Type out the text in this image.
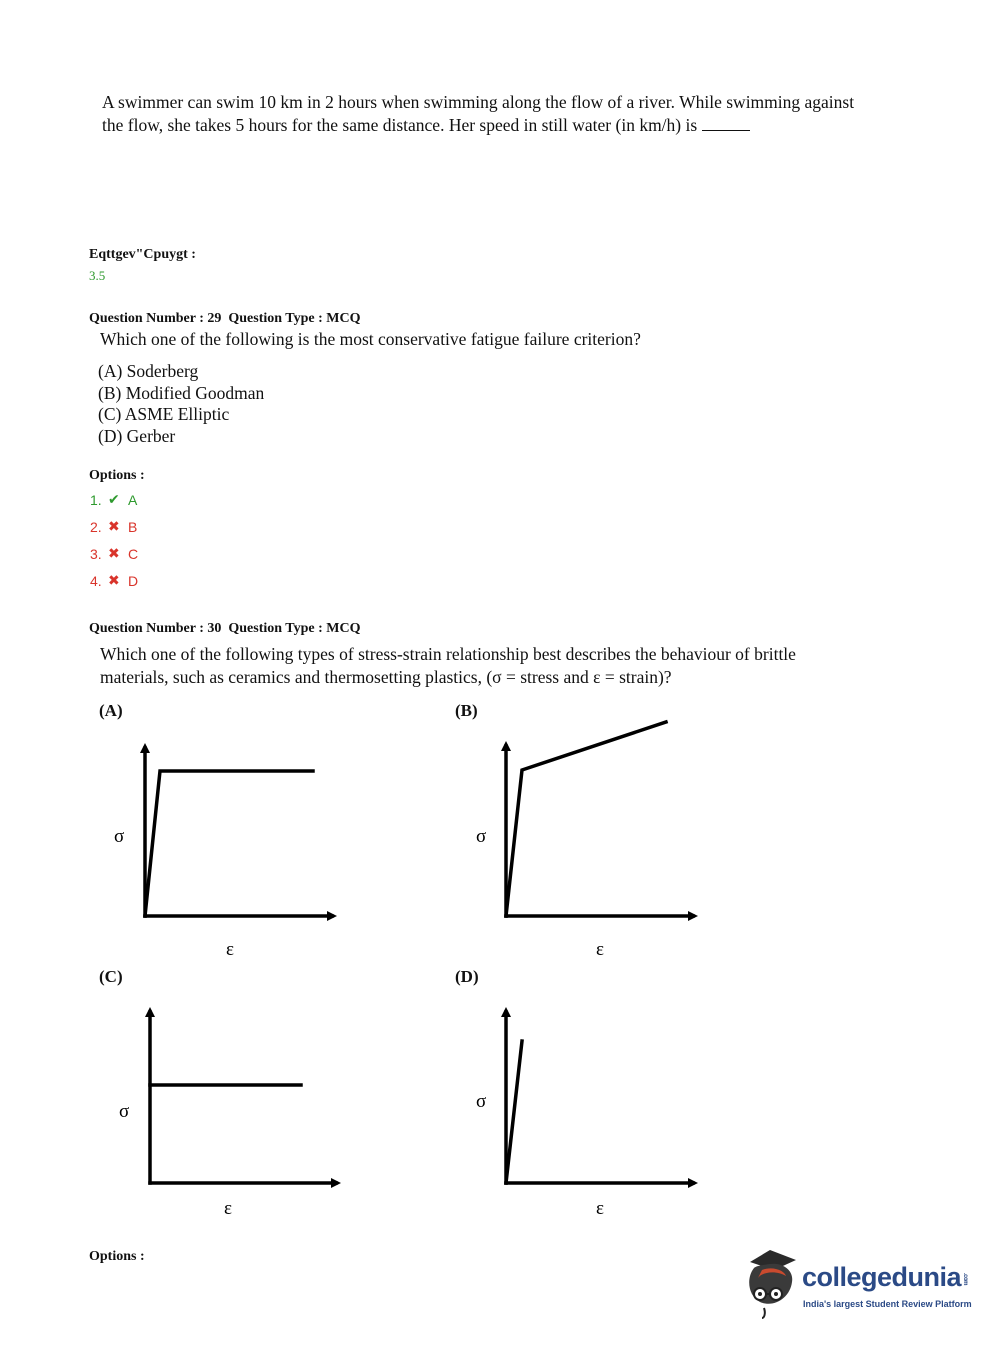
A swimmer can swim 10 km in 2 hours when swimming along the flow of a river. While swimming against the flow, she takes 5 hours for the same distance. Her speed in still water (in km/h) is
Eqttgev"Cpuygt :
3.5
Question Number : 29  Question Type : MCQ
Which one of the following is the most conservative fatigue failure criterion?
(A) Soderberg
(B) Modified Goodman
(C) ASME Elliptic
(D) Gerber
Options :
1. ✔ A
2. ✖ B
3. ✖ C
4. ✖ D
Question Number : 30  Question Type : MCQ
Which one of the following types of stress-strain relationship best describes the behaviour of brittle
materials, such as ceramics and thermosetting plastics, (σ = stress and ε = strain)?
(A)	(B)
(C)	(D)
σ
ε
σ
ε
σ
ε
σ
ε
Options :
collegedunia.com
India's largest Student Review Platform
